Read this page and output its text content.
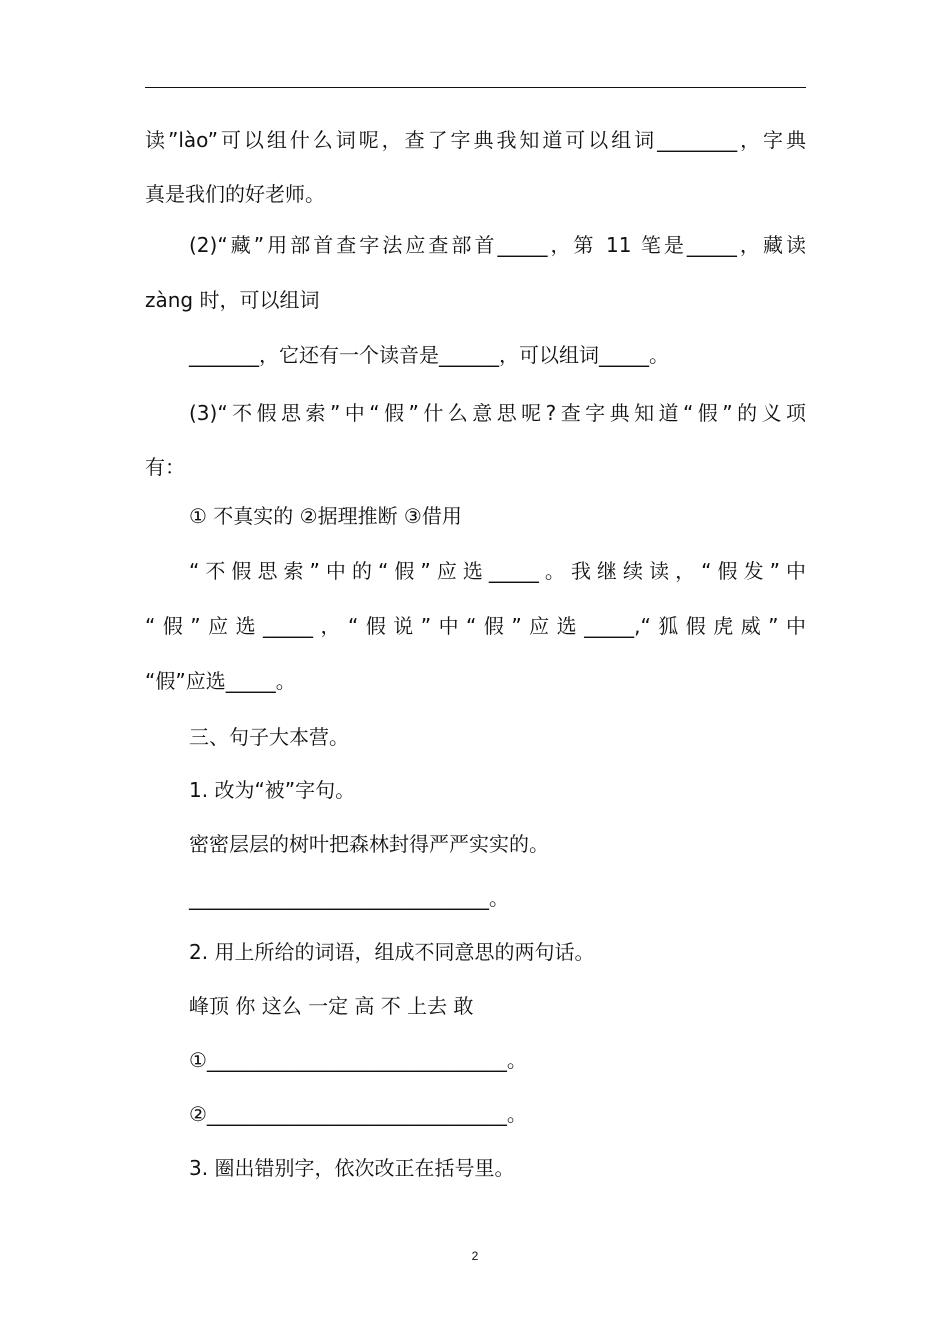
读”lào”可以组什么词呢，查了字典我知道可以组词________，字典
真是我们的好老师。
(2)“藏”用部首查字法应查部首_____，第 11 笔是_____，藏读
zàng 时，可以组词
_______，它还有一个读音是______，可以组词_____。
(3)“不假思索”中“假”什么意思呢?查字典知道“假”的义项
有：
① 不真实的 ②据理推断 ③借用
“不假思索”中的“假”应选_____。我继续读，“假发”中
“假”应选_____，“假说”中“假”应选_____,“狐假虎威”中
“假”应选_____。
三、句子大本营。
1. 改为“被”字句。
密密层层的树叶把森林封得严严实实的。
______________________________。
2. 用上所给的词语，组成不同意思的两句话。
峰顶 你 这么 一定 高 不 上去 敢
①______________________________。
②______________________________。
3. 圈出错别字，依次改正在括号里。
2
